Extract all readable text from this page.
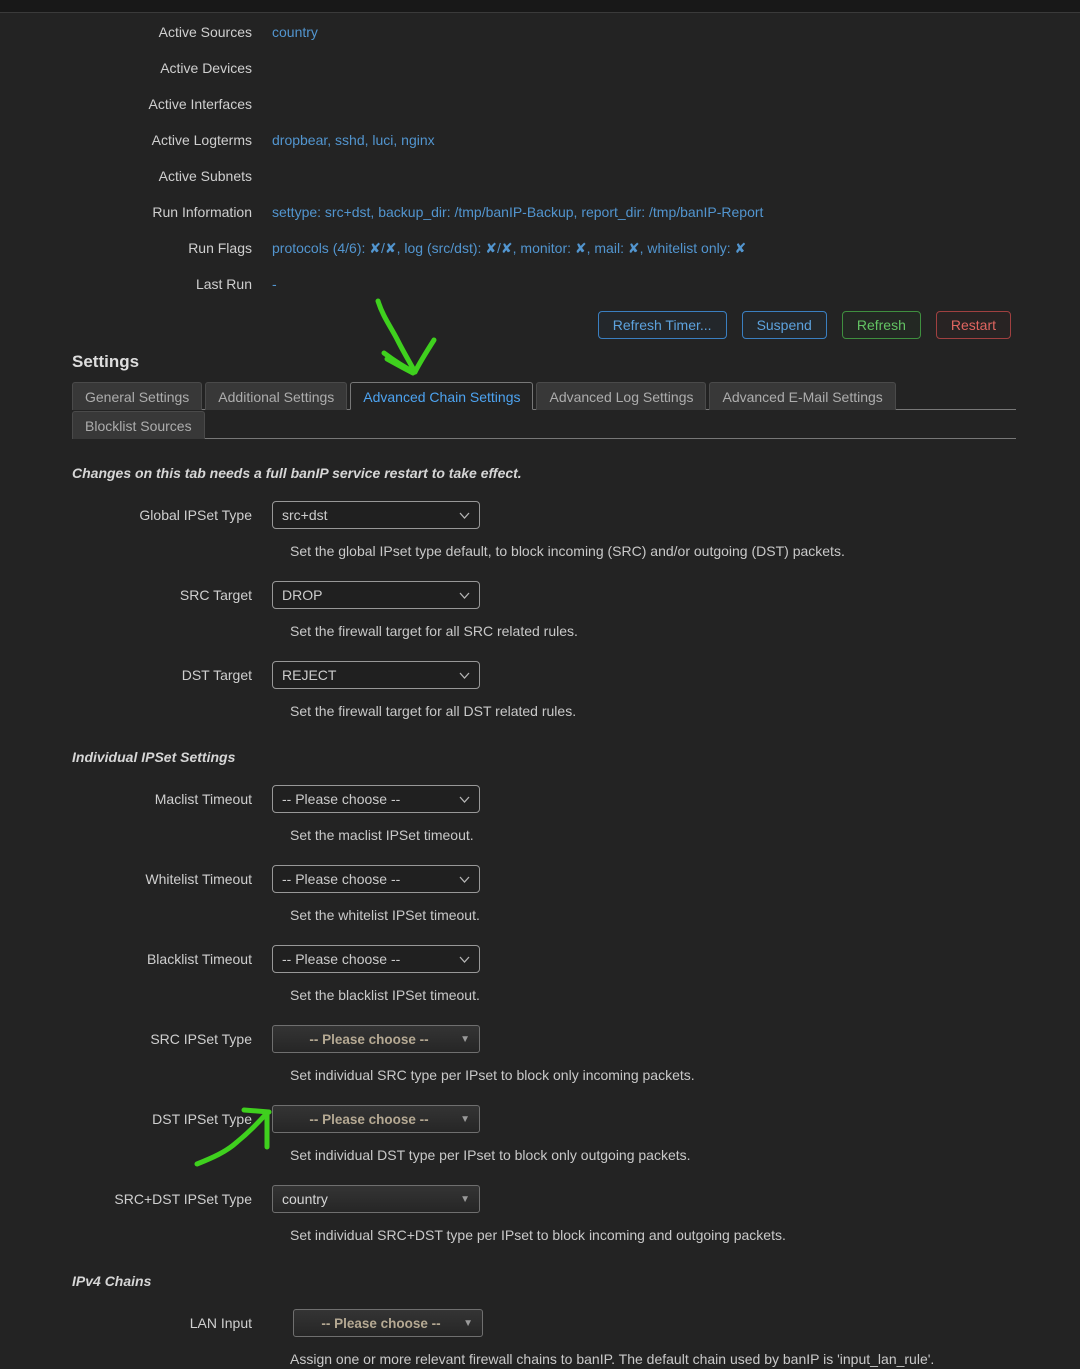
Active Sources country
Active Devices
Active Interfaces
Active Logterms dropbear, sshd, luci, nginx
Active Subnets
Run Information settype: src+dst, backup_dir: /tmp/banIP-Backup, report_dir: /tmp/banIP-Report
Run Flags protocols (4/6): ✘/✘, log (src/dst): ✘/✘, monitor: ✘, mail: ✘, whitelist only: ✘
Last Run -
Refresh Timer...	Suspend	Refresh	Restart
Settings
General Settings	Additional Settings	Advanced Chain Settings	Advanced Log Settings	Advanced E-Mail Settings
Blocklist Sources
Changes on this tab needs a full banIP service restart to take effect.
Global IPSet Type src+dst
Set the global IPset type default, to block incoming (SRC) and/or outgoing (DST) packets.
SRC Target DROP
Set the firewall target for all SRC related rules.
DST Target REJECT
Set the firewall target for all DST related rules.
Individual IPSet Settings
Maclist Timeout -- Please choose --
Set the maclist IPSet timeout.
Whitelist Timeout -- Please choose --
Set the whitelist IPSet timeout.
Blacklist Timeout -- Please choose --
Set the blacklist IPSet timeout.
SRC IPSet Type	-- Please choose --	▼
Set individual SRC type per IPset to block only incoming packets.
DST IPSet Type	-- Please choose --	▼
Set individual DST type per IPset to block only outgoing packets.
SRC+DST IPSet Type country	▼
Set individual SRC+DST type per IPset to block incoming and outgoing packets.
IPv4 Chains
LAN Input	-- Please choose --	▼
Assign one or more relevant firewall chains to banIP. The default chain used by banIP is 'input_lan_rule'.
